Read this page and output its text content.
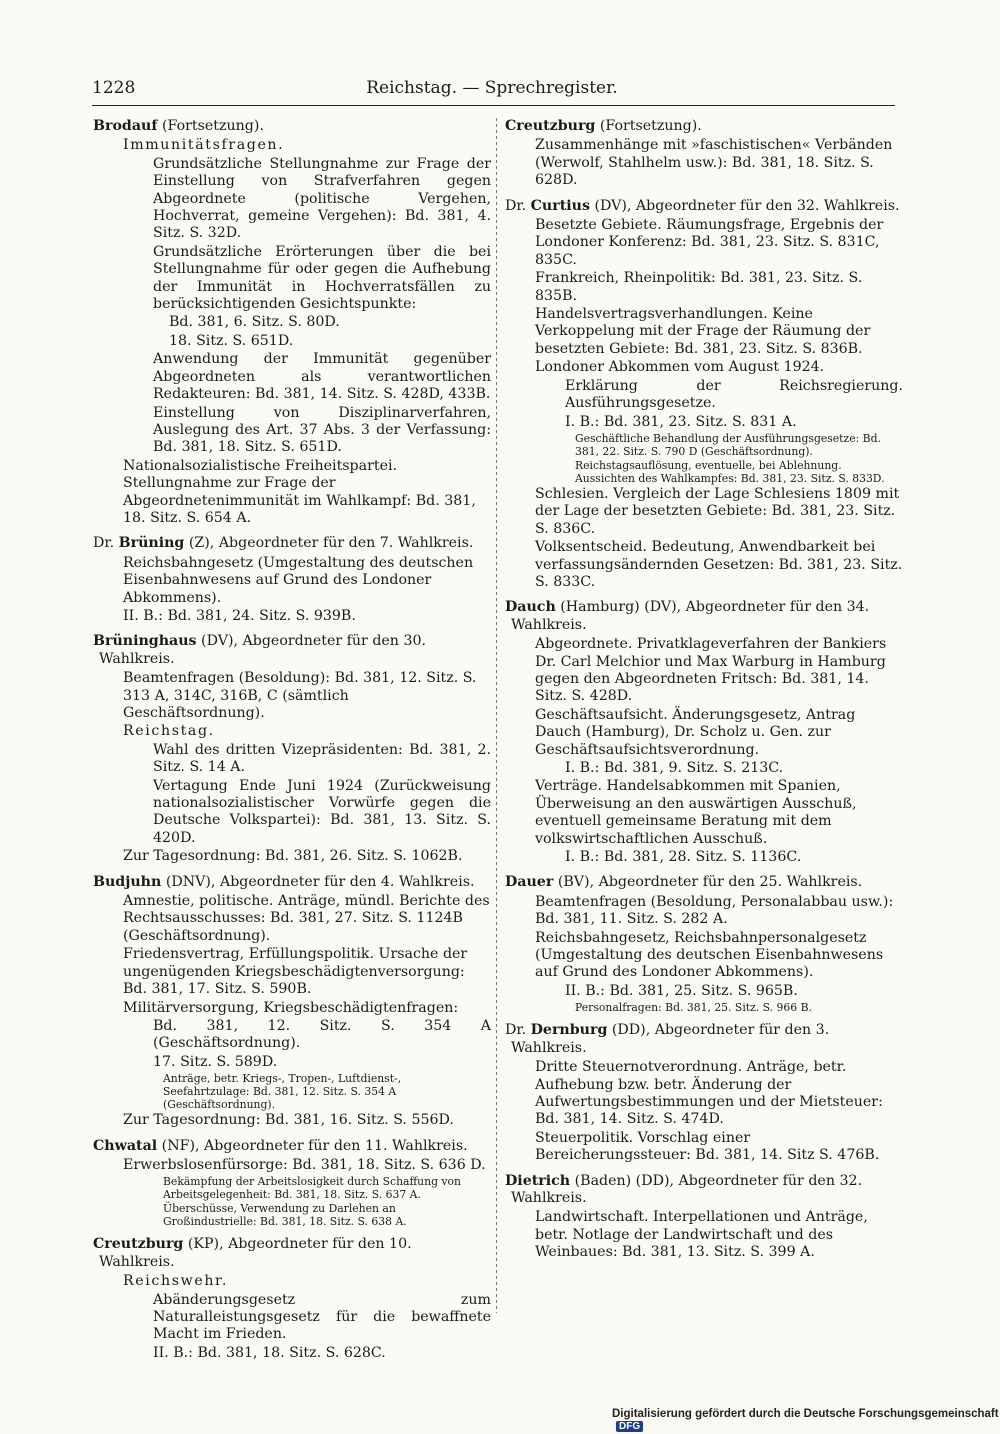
Reichstag. — Sprechregister.
1228
Brodauf (Fortsetzung).
Immunitätsfragen.
Grundsätzliche Stellungnahme zur Frage der Einstellung von Strafverfahren gegen Abgeordnete (politische Vergehen, Hochverrat, gemeine Vergehen): Bd. 381, 4. Sitz. S. 32D.
Grundsätzliche Erörterungen über die bei Stellungnahme für oder gegen die Aufhebung der Immunität in Hochverratsfällen zu berücksichtigenden Gesichtspunkte:
Bd. 381, 6. Sitz. S. 80D.
18. Sitz. S. 651D.
Anwendung der Immunität gegenüber Abgeordneten als verantwortlichen Redakteuren: Bd. 381, 14. Sitz. S. 428D, 433B.
Einstellung von Disziplinarverfahren, Auslegung des Art. 37 Abs. 3 der Verfassung: Bd. 381, 18. Sitz. S. 651D.
Nationalsozialistische Freiheitspartei. Stellungnahme zur Frage der Abgeordnetenimmunität im Wahlkampf: Bd. 381, 18. Sitz. S. 654 A.
Dr. Brüning (Z), Abgeordneter für den 7. Wahlkreis.
Reichsbahngesetz (Umgestaltung des deutschen Eisenbahnwesens auf Grund des Londoner Abkommens).
II. B.: Bd. 381, 24. Sitz. S. 939B.
Brüninghaus (DV), Abgeordneter für den 30. Wahlkreis.
Beamtenfragen (Besoldung): Bd. 381, 12. Sitz. S. 313 A, 314C, 316B, C (sämtlich Geschäftsordnung).
Reichstag.
Wahl des dritten Vizepräsidenten: Bd. 381, 2. Sitz. S. 14 A.
Vertagung Ende Juni 1924 (Zurückweisung nationalsozialistischer Vorwürfe gegen die Deutsche Volkspartei): Bd. 381, 13. Sitz. S. 420D.
Zur Tagesordnung: Bd. 381, 26. Sitz. S. 1062B.
Budjuhn (DNV), Abgeordneter für den 4. Wahlkreis.
Amnestie, politische. Anträge, mündl. Berichte des Rechtsausschusses: Bd. 381, 27. Sitz. S. 1124B (Geschäftsordnung).
Friedensvertrag, Erfüllungspolitik. Ursache der ungenügenden Kriegsbeschädigtenversorgung: Bd. 381, 17. Sitz. S. 590B.
Militärversorgung, Kriegsbeschädigtenfragen:
Bd. 381, 12. Sitz. S. 354 A (Geschäftsordnung).
17. Sitz. S. 589D.
Anträge, betr. Kriegs-, Tropen-, Luftdienst-, Seefahrtzulage: Bd. 381, 12. Sitz. S. 354 A (Geschäftsordnung).
Zur Tagesordnung: Bd. 381, 16. Sitz. S. 556D.
Chwatal (NF), Abgeordneter für den 11. Wahlkreis.
Erwerbslosenfürsorge: Bd. 381, 18. Sitz. S. 636 D.
Bekämpfung der Arbeitslosigkeit durch Schaffung von Arbeitsgelegenheit: Bd. 381, 18. Sitz. S. 637 A.
Überschüsse, Verwendung zu Darlehen an Großindustrielle: Bd. 381, 18. Sitz. S. 638 A.
Creutzburg (KP), Abgeordneter für den 10. Wahlkreis.
Reichswehr.
Abänderungsgesetz zum Naturalleistungsgesetz für die bewaffnete Macht im Frieden.
II. B.: Bd. 381, 18. Sitz. S. 628C.
Creutzburg (Fortsetzung).
Zusammenhänge mit »faschistischen« Verbänden (Werwolf, Stahlhelm usw.): Bd. 381, 18. Sitz. S. 628D.
Dr. Curtius (DV), Abgeordneter für den 32. Wahlkreis.
Besetzte Gebiete. Räumungsfrage, Ergebnis der Londoner Konferenz: Bd. 381, 23. Sitz. S. 831C, 835C.
Frankreich, Rheinpolitik: Bd. 381, 23. Sitz. S. 835B.
Handelsvertragsverhandlungen. Keine Verkoppelung mit der Frage der Räumung der besetzten Gebiete: Bd. 381, 23. Sitz. S. 836B.
Londoner Abkommen vom August 1924.
Erklärung der Reichsregierung. Ausführungsgesetze.
I. B.: Bd. 381, 23. Sitz. S. 831 A.
Geschäftliche Behandlung der Ausführungsgesetze: Bd. 381, 22. Sitz. S. 790 D (Geschäftsordnung).
Reichstagsauflösung, eventuelle, bei Ablehnung. Aussichten des Wahlkampfes: Bd. 381, 23. Sitz. S. 833D.
Schlesien. Vergleich der Lage Schlesiens 1809 mit der Lage der besetzten Gebiete: Bd. 381, 23. Sitz. S. 836C.
Volksentscheid. Bedeutung, Anwendbarkeit bei verfassungsändernden Gesetzen: Bd. 381, 23. Sitz. S. 833C.
Dauch (Hamburg) (DV), Abgeordneter für den 34. Wahlkreis.
Abgeordnete. Privatklageverfahren der Bankiers Dr. Carl Melchior und Max Warburg in Hamburg gegen den Abgeordneten Fritsch: Bd. 381, 14. Sitz. S. 428D.
Geschäftsaufsicht. Änderungsgesetz, Antrag Dauch (Hamburg), Dr. Scholz u. Gen. zur Geschäftsaufsichtsverordnung.
I. B.: Bd. 381, 9. Sitz. S. 213C.
Verträge. Handelsabkommen mit Spanien, Überweisung an den auswärtigen Ausschuß, eventuell gemeinsame Beratung mit dem volkswirtschaftlichen Ausschuß.
I. B.: Bd. 381, 28. Sitz. S. 1136C.
Dauer (BV), Abgeordneter für den 25. Wahlkreis.
Beamtenfragen (Besoldung, Personalabbau usw.): Bd. 381, 11. Sitz. S. 282 A.
Reichsbahngesetz, Reichsbahnpersonalgesetz (Umgestaltung des deutschen Eisenbahnwesens auf Grund des Londoner Abkommens).
II. B.: Bd. 381, 25. Sitz. S. 965B.
Personalfragen: Bd. 381, 25. Sitz. S. 966 B.
Dr. Dernburg (DD), Abgeordneter für den 3. Wahlkreis.
Dritte Steuernotverordnung. Anträge, betr. Aufhebung bzw. betr. Änderung der Aufwertungsbestimmungen und der Mietsteuer: Bd. 381, 14. Sitz. S. 474D.
Steuerpolitik. Vorschlag einer Bereicherungssteuer: Bd. 381, 14. Sitz S. 476B.
Dietrich (Baden) (DD), Abgeordneter für den 32. Wahlkreis.
Landwirtschaft. Interpellationen und Anträge, betr. Notlage der Landwirtschaft und des Weinbaues: Bd. 381, 13. Sitz. S. 399 A.
Digitalisierung gefördert durch die Deutsche Forschungsgemeinschaft DFG
